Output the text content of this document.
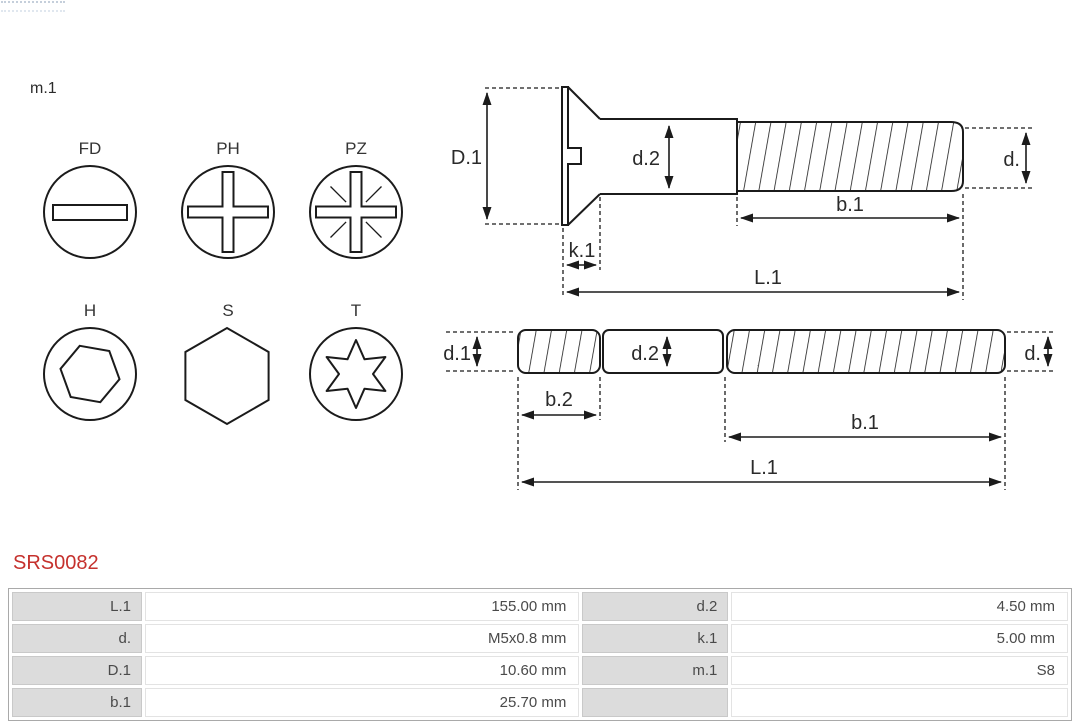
m.1
FD	PH	PZ
H	S	T
D.1	d.2	d.
b.1
k.1
L.1
d.1	d.2	d.
b.2
b.1
L.1
SRS0082
L.1	155.00 mm	d.2	4.50 mm
d.	M5x0.8 mm	k.1	5.00 mm
D.1	10.60 mm	m.1	S8
b.1	25.70 mm
